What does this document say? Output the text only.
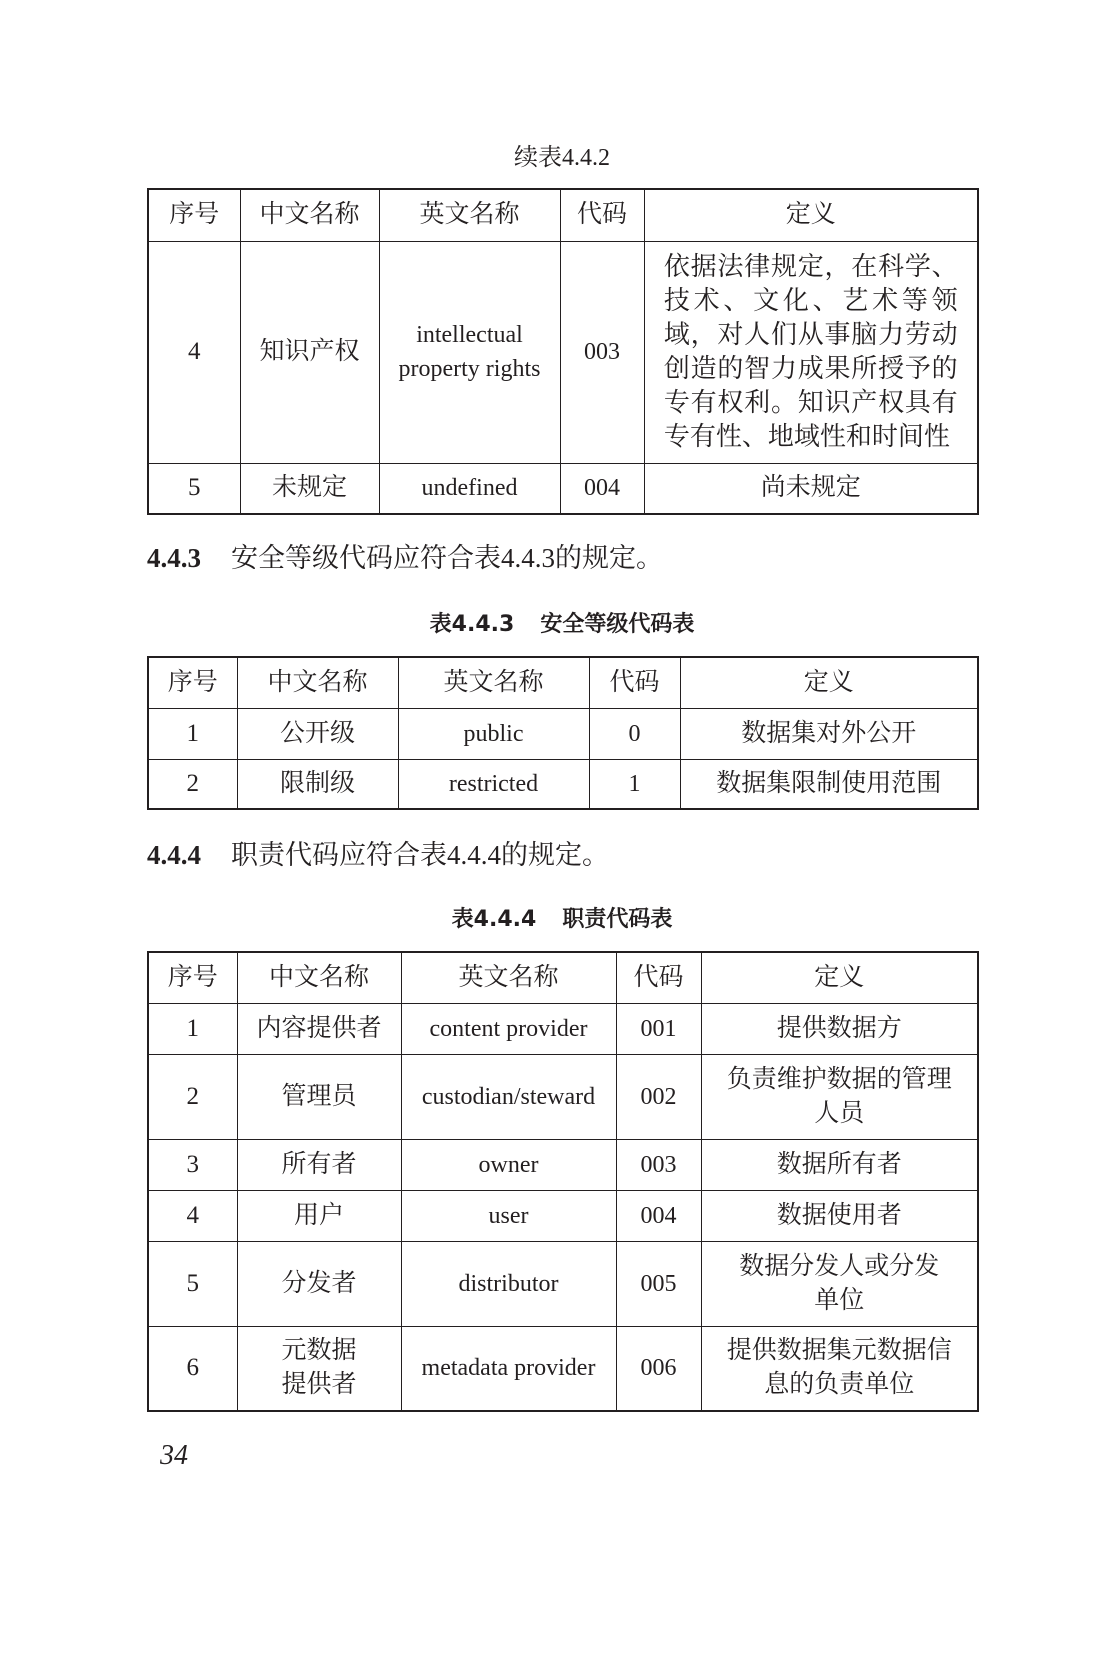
续表4.4.2
序号	中文名称	英文名称	代码	定义
4	知识产权	intellectual property rights	003	依据法律规定，在科学、技术、文化、艺术等领域，对人们从事脑力劳动创造的智力成果所授予的专有权利。知识产权具有专有性、地域性和时间性

5	未规定	undefined	004	尚未规定
4.4.3 安全等级代码应符合表4.4.3的规定。
表4.4.3 安全等级代码表
序号	中文名称	英文名称	代码	定义
1	公开级	public	0	数据集对外公开
2	限制级	restricted	1	数据集限制使用范围
4.4.4 职责代码应符合表4.4.4的规定。
表4.4.4 职责代码表
序号	中文名称	英文名称	代码	定义
1	内容提供者	content provider	001	提供数据方
2	管理员	custodian/steward	002	负责维护数据的管理人员
3	所有者	owner	003	数据所有者
4	用户	user	004	数据使用者
5	分发者	distributor	005	数据分发人或分发单位
6	元数据提供者	metadata provider	006	提供数据集元数据信息的负责单位
34
